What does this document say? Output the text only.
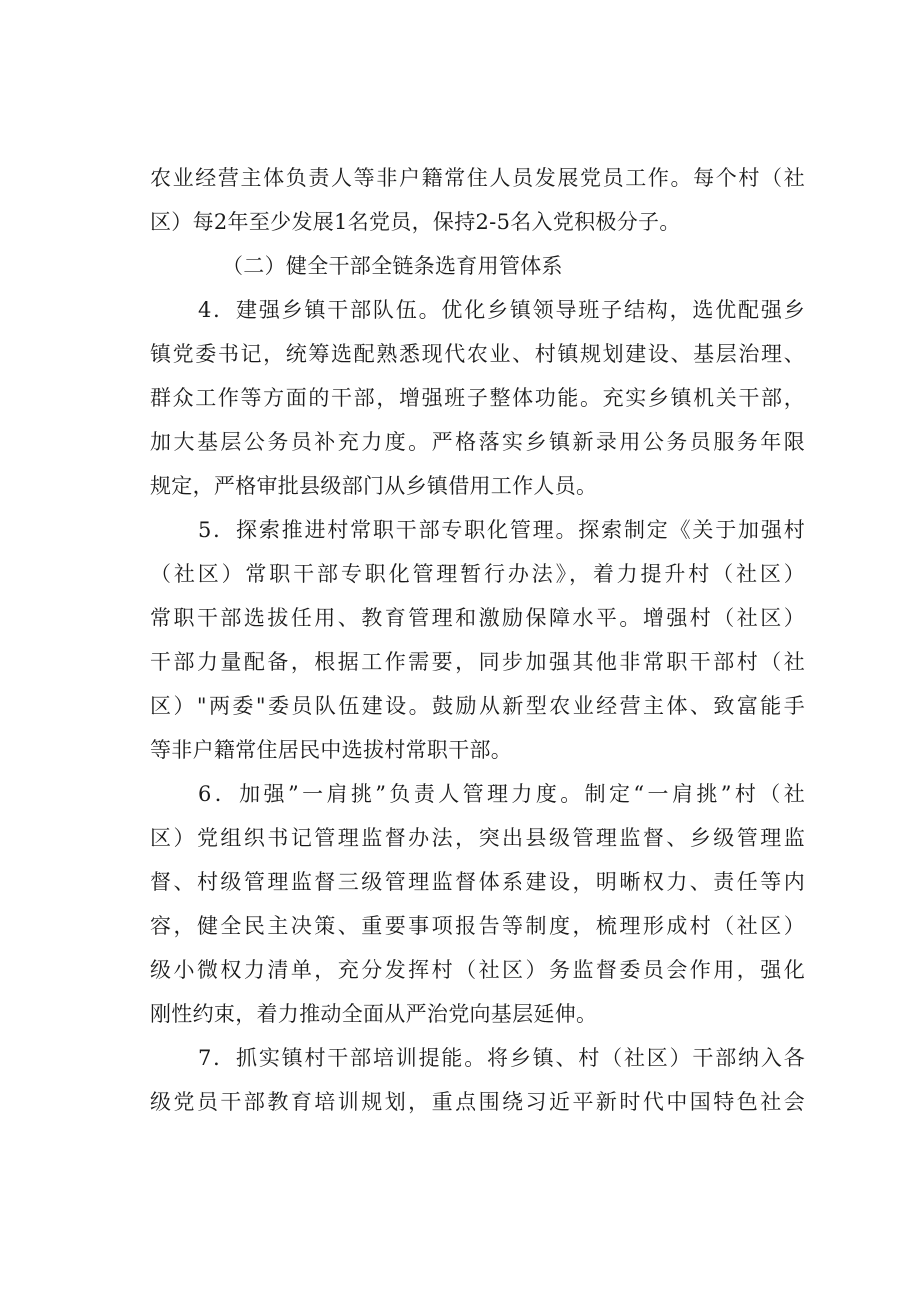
农业经营主体负责人等非户籍常住人员发展党员工作。每个村（社
区）每2年至少发展1名党员，保持2-5名入党积极分子。
（二）健全干部全链条选育用管体系
4．建强乡镇干部队伍。优化乡镇领导班子结构，选优配强乡
镇党委书记，统筹选配熟悉现代农业、村镇规划建设、基层治理、
群众工作等方面的干部，增强班子整体功能。充实乡镇机关干部，
加大基层公务员补充力度。严格落实乡镇新录用公务员服务年限
规定，严格审批县级部门从乡镇借用工作人员。
5．探索推进村常职干部专职化管理。探索制定《关于加强村
（社区）常职干部专职化管理暂行办法》，着力提升村（社区）
常职干部选拔任用、教育管理和激励保障水平。增强村（社区）
干部力量配备，根据工作需要，同步加强其他非常职干部村（社
区）"两委"委员队伍建设。鼓励从新型农业经营主体、致富能手
等非户籍常住居民中选拔村常职干部。
6．加强”一肩挑”负责人管理力度。制定“一肩挑”村（社
区）党组织书记管理监督办法，突出县级管理监督、乡级管理监
督、村级管理监督三级管理监督体系建设，明晰权力、责任等内
容，健全民主决策、重要事项报告等制度，梳理形成村（社区）
级小微权力清单，充分发挥村（社区）务监督委员会作用，强化
刚性约束，着力推动全面从严治党向基层延伸。
7．抓实镇村干部培训提能。将乡镇、村（社区）干部纳入各
级党员干部教育培训规划，重点围绕习近平新时代中国特色社会
